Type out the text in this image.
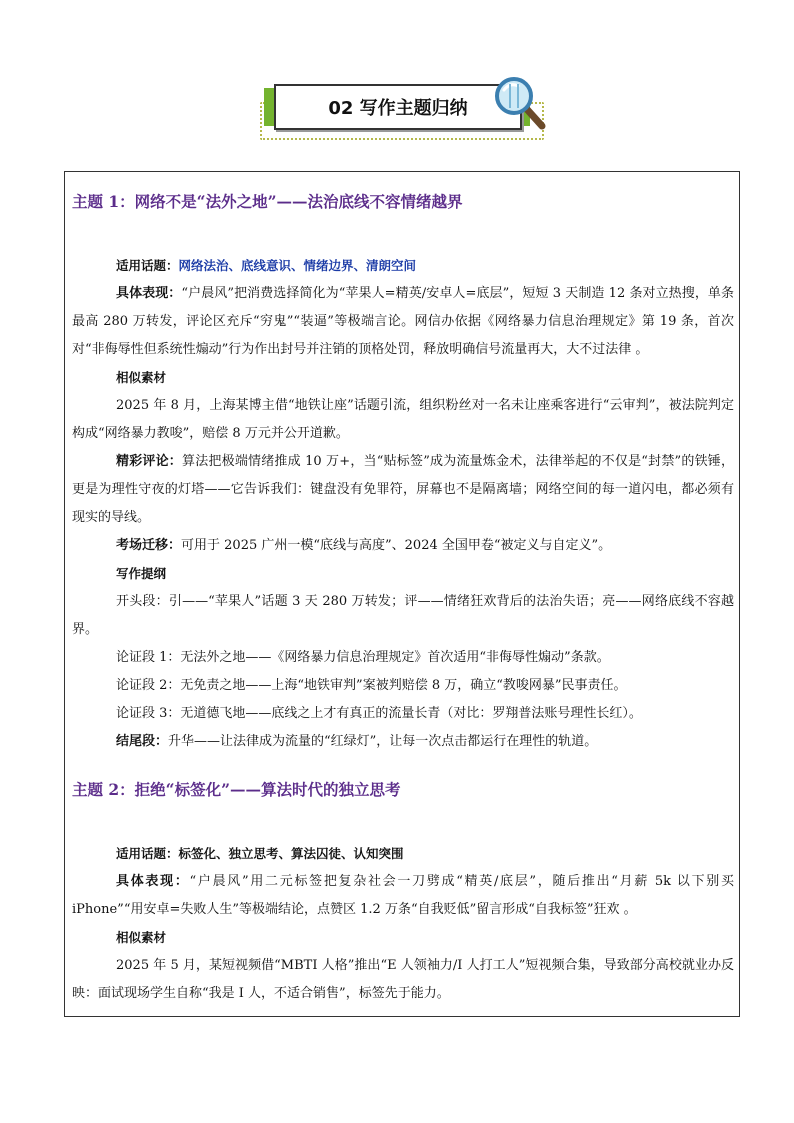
02 写作主题归纳
主题 1：网络不是“法外之地”——法治底线不容情绪越界
适用话题：网络法治、底线意识、情绪边界、清朗空间

具体表现：“户晨风”把消费选择简化为“苹果人=精英/安卓人=底层”，短短 3 天制造 12 条对立热搜，单条最高 280 万转发，评论区充斥“穷鬼”“装逼”等极端言论。网信办依据《网络暴力信息治理规定》第 19 条，首次对“非侮辱性但系统性煽动”行为作出封号并注销的顶格处罚，释放明确信号流量再大，大不过法律 。

相似素材

2025 年 8 月，上海某博主借“地铁让座”话题引流，组织粉丝对一名未让座乘客进行“云审判”，被法院判定构成“网络暴力教唆”，赔偿 8 万元并公开道歉。

精彩评论：算法把极端情绪推成 10 万+，当“贴标签”成为流量炼金术，法律举起的不仅是“封禁”的铁锤，更是为理性守夜的灯塔——它告诉我们：键盘没有免罪符，屏幕也不是隔离墙；网络空间的每一道闪电，都必须有现实的导线。

考场迁移：可用于 2025 广州一模“底线与高度”、2024 全国甲卷“被定义与自定义”。

写作提纲

开头段：引——“苹果人”话题 3 天 280 万转发；评——情绪狂欢背后的法治失语；亮——网络底线不容越界。

论证段 1：无法外之地——《网络暴力信息治理规定》首次适用“非侮辱性煽动”条款。

论证段 2：无免责之地——上海“地铁审判”案被判赔偿 8 万，确立“教唆网暴”民事责任。

论证段 3：无道德飞地——底线之上才有真正的流量长青（对比：罗翔普法账号理性长红）。

结尾段：升华——让法律成为流量的“红绿灯”，让每一次点击都运行在理性的轨道。

主题 2：拒绝“标签化”——算法时代的独立思考
适用话题：标签化、独立思考、算法囚徒、认知突围

具体表现：“户晨风”用二元标签把复杂社会一刀劈成“精英/底层”，随后推出“月薪 5k 以下别买 iPhone”“用安卓=失败人生”等极端结论，点赞区 1.2 万条“自我贬低”留言形成“自我标签”狂欢 。

相似素材

2025 年 5 月，某短视频借“MBTI 人格”推出“E 人领袖力/I 人打工人”短视频合集，导致部分高校就业办反映：面试现场学生自称“我是 I 人，不适合销售”，标签先于能力。
